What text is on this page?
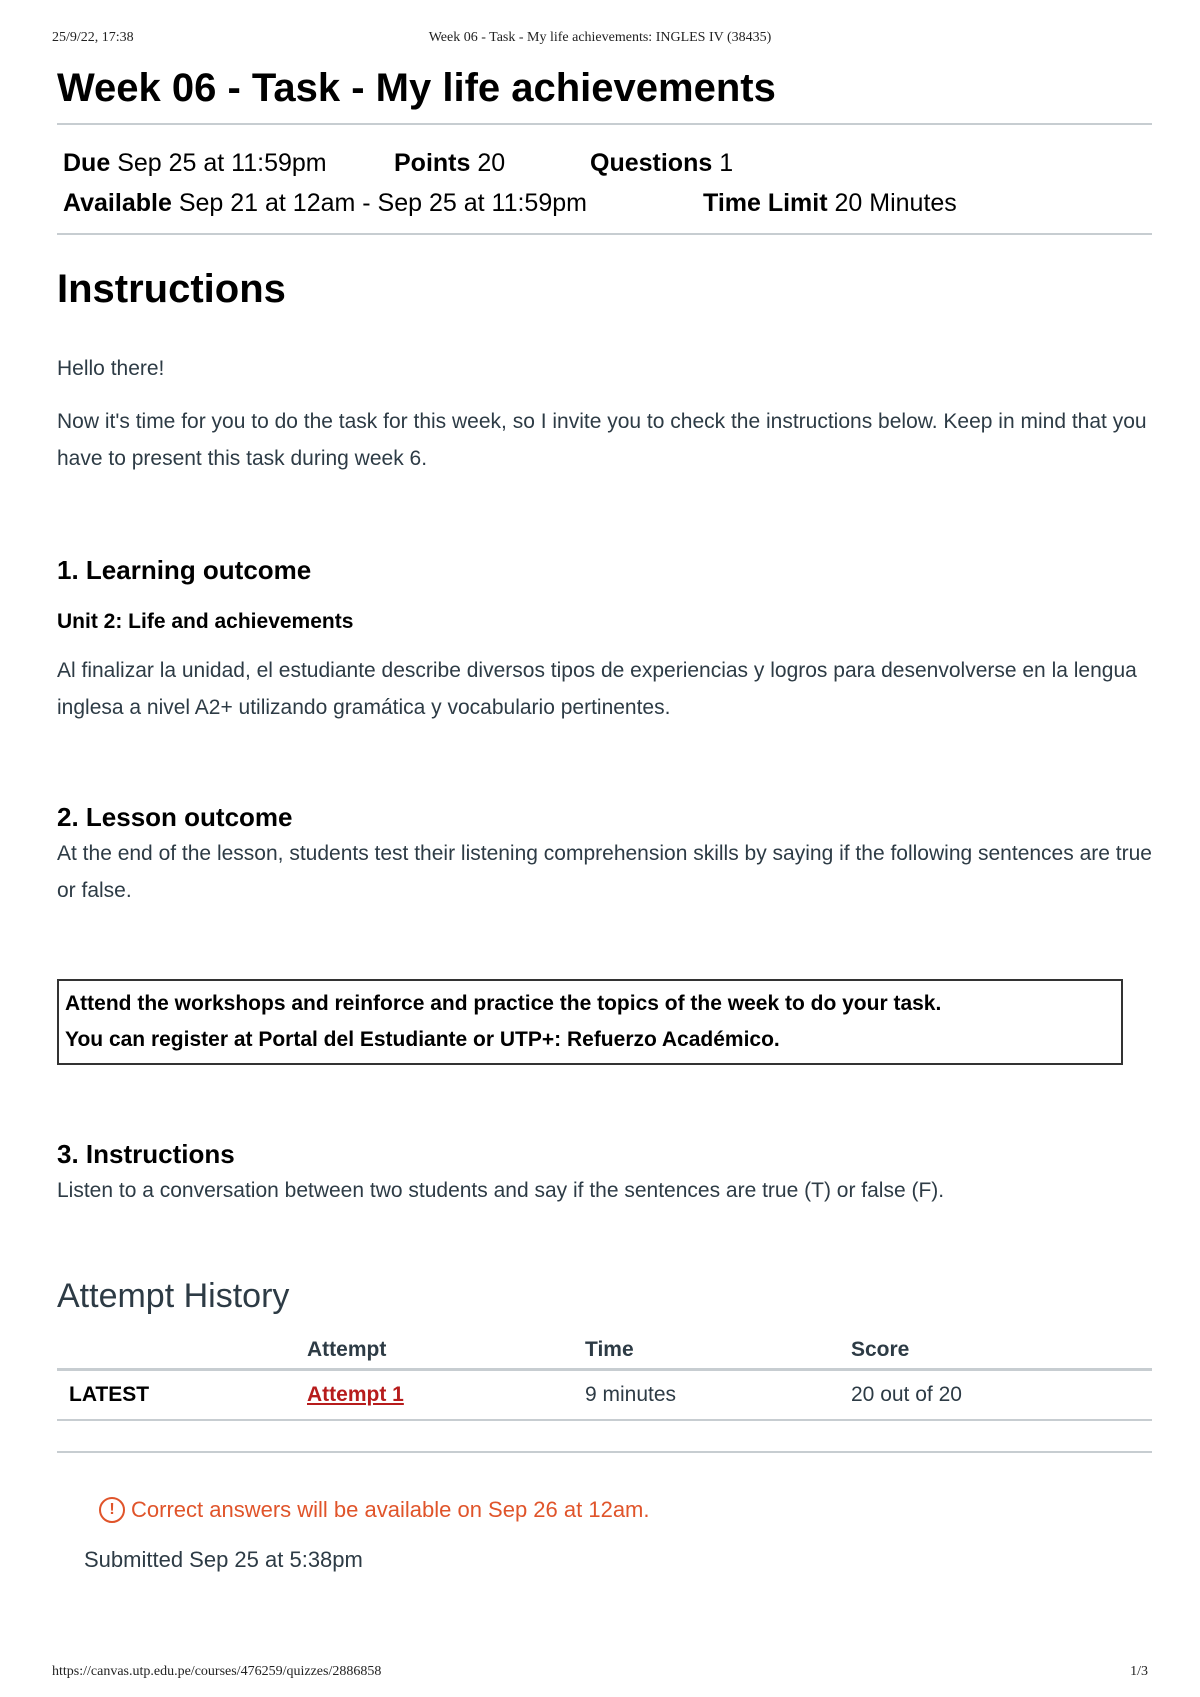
25/9/22, 17:38	Week 06 - Task - My life achievements: INGLES IV (38435)
Week 06 - Task - My life achievements
Due Sep 25 at 11:59pm	Points 20	Questions 1
Available Sep 21 at 12am - Sep 25 at 11:59pm	Time Limit 20 Minutes
Instructions

Hello there!

Now it's time for you to do the task for this week, so I invite you to check the instructions below. Keep in mind that you have to present this task during week 6.

1. Learning outcome
Unit 2: Life and achievements

Al finalizar la unidad, el estudiante describe diversos tipos de experiencias y logros para desenvolverse en la lengua inglesa a nivel A2+ utilizando gramática y vocabulario pertinentes.

2. Lesson outcome

At the end of the lesson, students test their listening comprehension skills by saying if the following sentences are true or false.

Attend the workshops and reinforce and practice the topics of the week to do your task.
You can register at Portal del Estudiante or UTP+: Refuerzo Académico.
3. Instructions

Listen to a conversation between two students and say if the sentences are true (T) or false (F).

Attempt History
	Attempt	Time	Score
LATEST	Attempt 1	9 minutes	20 out of 20
! Correct answers will be available on Sep 26 at 12am.
Submitted Sep 25 at 5:38pm
https://canvas.utp.edu.pe/courses/476259/quizzes/2886858	1/3
